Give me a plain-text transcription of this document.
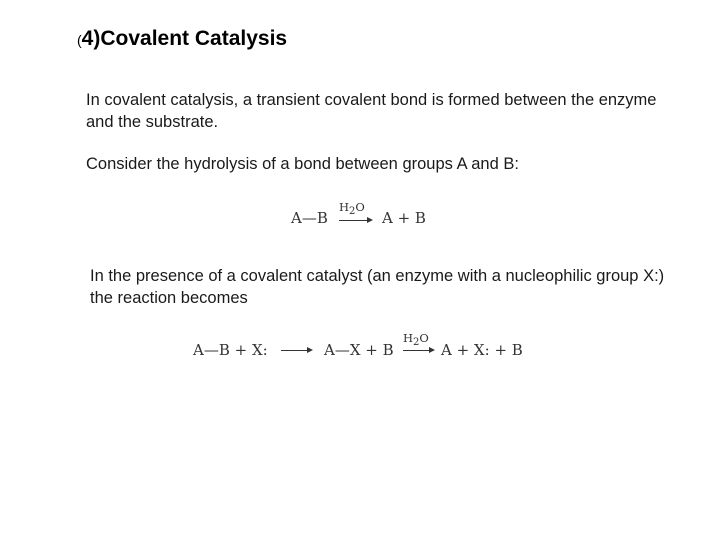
(4)Covalent Catalysis
In covalent catalysis, a transient covalent bond is formed between the enzyme and the substrate.
Consider the hydrolysis of a bond between groups A and B:
A—B
H2O
A + B
In the presence of a covalent catalyst (an enzyme with a nucleophilic group X:) the reaction becomes
A—B + X:	A—X + B
H2O
A + X: + B
